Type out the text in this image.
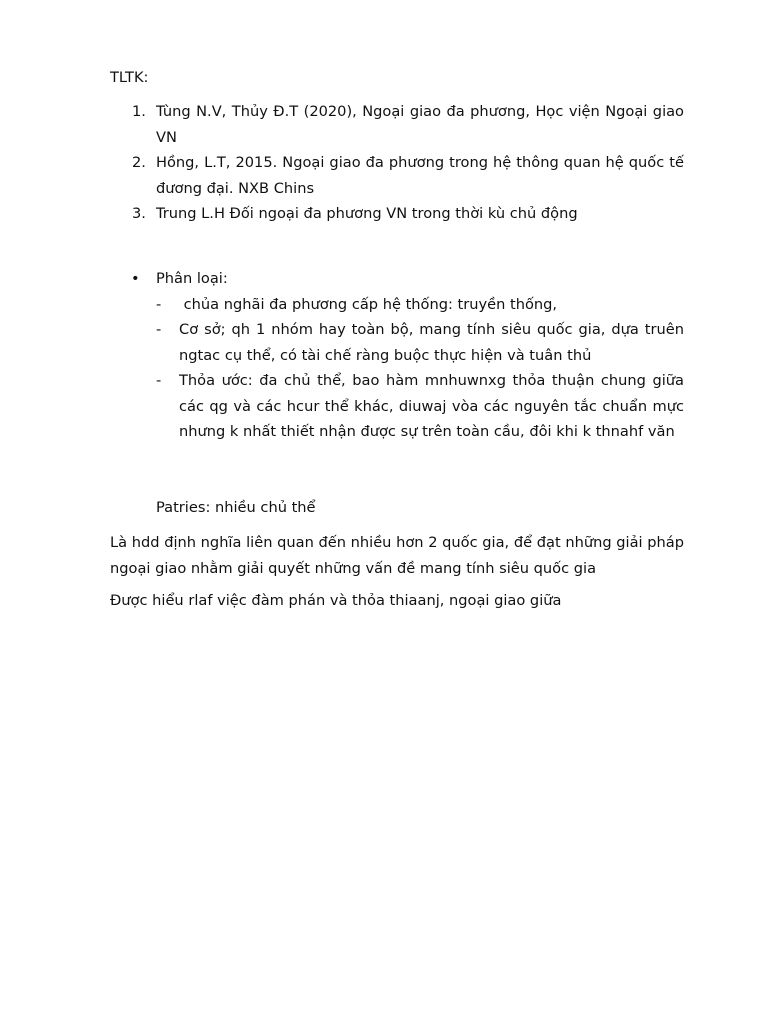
TLTK:
1. Tùng N.V, Thủy Đ.T (2020), Ngoại giao đa phương, Học viện Ngoại giao VN
2. Hồng, L.T, 2015. Ngoại giao đa phương trong hệ thông quan hệ quốc tế đương đại. NXB Chins
3. Trung L.H Đối ngoại đa phương VN trong thời kù chủ động
• Phân loại:
- chủa nghãi đa phương cấp hệ thống: truyền thống,
- Cơ sở; qh 1 nhóm hay toàn bộ, mang tính siêu quốc gia, dựa truên ngtac cụ thể, có tài chế ràng buộc thực hiện và tuân thủ
- Thỏa ước: đa chủ thể, bao hàm mnhuwnxg thỏa thuận chung giữa các qg và các hcur thể khác, diuwaj vòa các nguyên tắc chuẩn mực nhưng k nhất thiết nhận được sự trên toàn cầu, đôi khi k thnahf văn
Patries: nhiều chủ thể

Là hdd định nghĩa liên quan đến nhiều hơn 2 quốc gia, để đạt những giải pháp ngoại giao nhằm giải quyết những vấn đề mang tính siêu quốc gia

Được hiểu rlaf việc đàm phán và thỏa thiaanj, ngoại giao giữa
